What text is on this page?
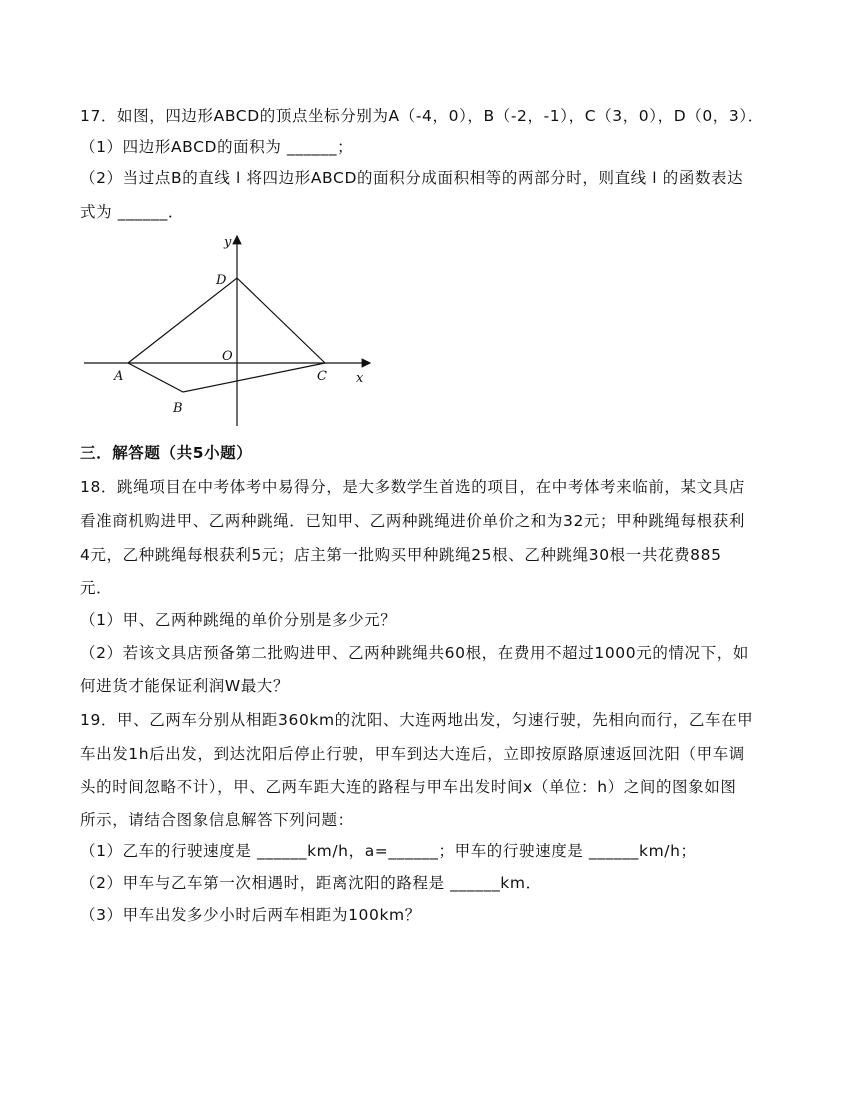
17．如图，四边形ABCD的顶点坐标分别为A（-4，0），B（-2，-1），C（3，0），D（0，3）．
（1）四边形ABCD的面积为 ______；
（2）当过点B的直线 l 将四边形ABCD的面积分成面积相等的两部分时，则直线 l 的函数表达
式为 ______．
y
x
D
O
A	C
B
三．解答题（共5小题）
18．跳绳项目在中考体考中易得分，是大多数学生首选的项目，在中考体考来临前，某文具店
看准商机购进甲、乙两种跳绳．已知甲、乙两种跳绳进价单价之和为32元；甲种跳绳每根获利
4元，乙种跳绳每根获利5元；店主第一批购买甲种跳绳25根、乙种跳绳30根一共花费885
元．
（1）甲、乙两种跳绳的单价分别是多少元？
（2）若该文具店预备第二批购进甲、乙两种跳绳共60根，在费用不超过1000元的情况下，如
何进货才能保证利润W最大？
19．甲、乙两车分别从相距360km的沈阳、大连两地出发，匀速行驶，先相向而行，乙车在甲
车出发1h后出发，到达沈阳后停止行驶，甲车到达大连后，立即按原路原速返回沈阳（甲车调
头的时间忽略不计），甲、乙两车距大连的路程与甲车出发时间x（单位：h）之间的图象如图
所示，请结合图象信息解答下列问题：
（1）乙车的行驶速度是 ______km/h，a=______；甲车的行驶速度是 ______km/h；
（2）甲车与乙车第一次相遇时，距离沈阳的路程是 ______km．
（3）甲车出发多少小时后两车相距为100km？
